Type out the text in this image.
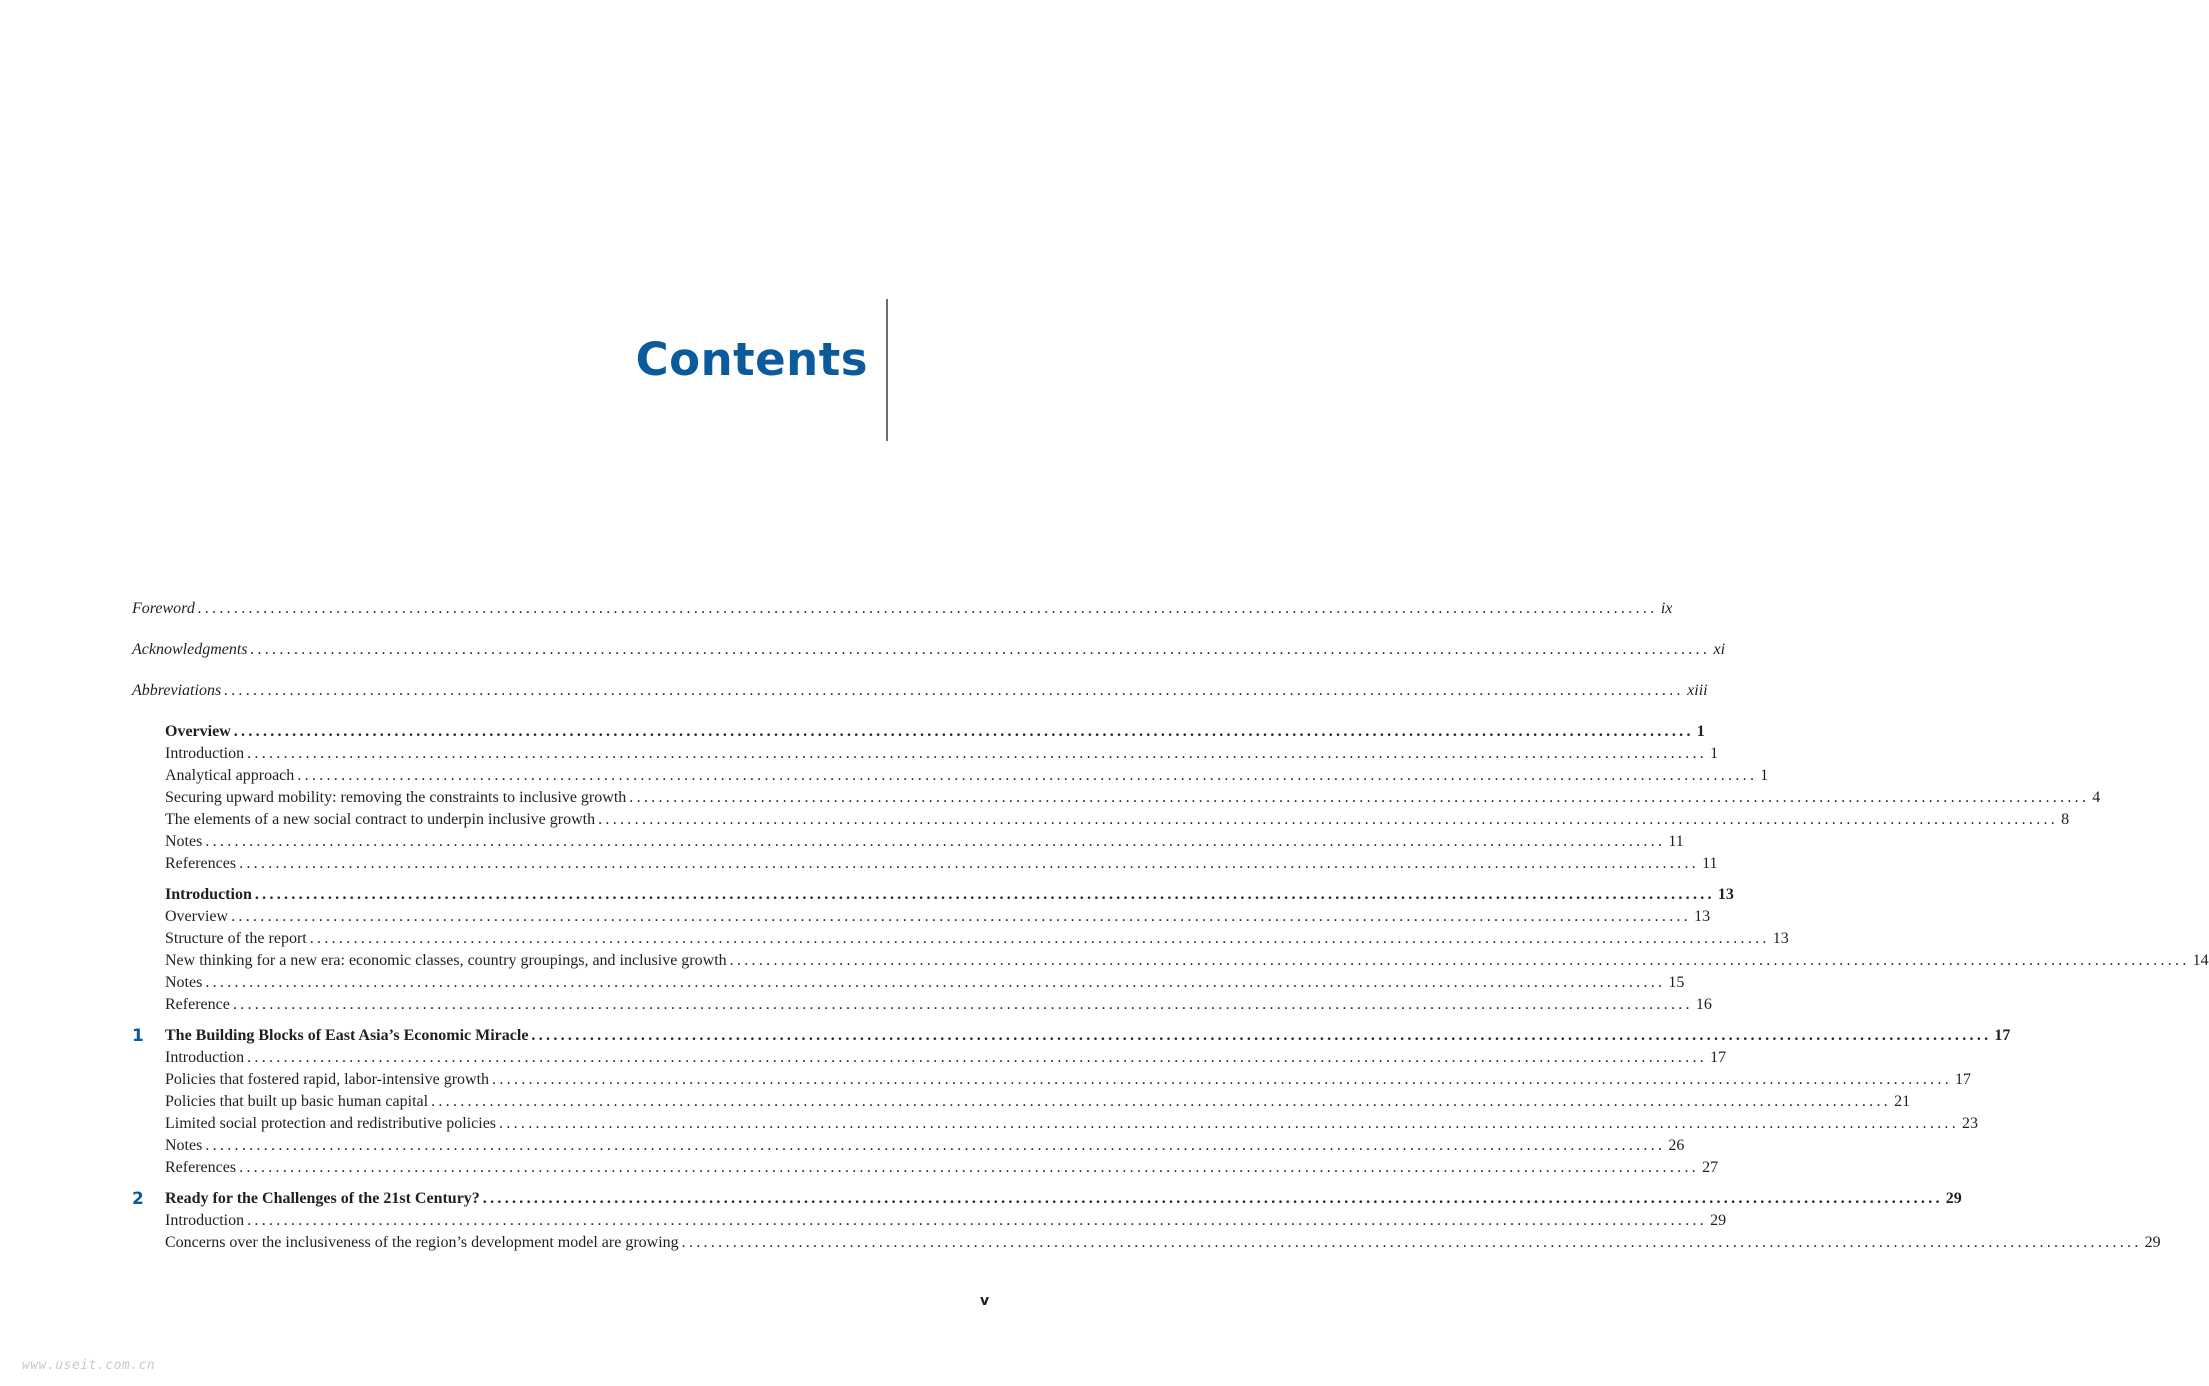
Contents
Foreword ........................................................................................................................................................................................................ ix
Acknowledgments ........................................................................................................................................................................................................ xi
Abbreviations ........................................................................................................................................................................................................ xiii
Overview ........................................................................................................................................................................................................ 1
Introduction ........................................................................................................................................................................................................ 1
Analytical approach ........................................................................................................................................................................................................ 1
Securing upward mobility: removing the constraints to inclusive growth ........................................................................................................................................................................................................ 4
The elements of a new social contract to underpin inclusive growth ........................................................................................................................................................................................................ 8
Notes ........................................................................................................................................................................................................ 11
References ........................................................................................................................................................................................................ 11
Introduction ........................................................................................................................................................................................................ 13
Overview ........................................................................................................................................................................................................ 13
Structure of the report ........................................................................................................................................................................................................ 13
New thinking for a new era: economic classes, country groupings, and inclusive growth ........................................................................................................................................................................................................ 14
Notes ........................................................................................................................................................................................................ 15
Reference ........................................................................................................................................................................................................ 16
1 The Building Blocks of East Asia’s Economic Miracle ........................................................................................................................................................................................................ 17
Introduction ........................................................................................................................................................................................................ 17
Policies that fostered rapid, labor-intensive growth ........................................................................................................................................................................................................ 17
Policies that built up basic human capital ........................................................................................................................................................................................................ 21
Limited social protection and redistributive policies ........................................................................................................................................................................................................ 23
Notes ........................................................................................................................................................................................................ 26
References ........................................................................................................................................................................................................ 27
2 Ready for the Challenges of the 21st Century? ........................................................................................................................................................................................................ 29
Introduction ........................................................................................................................................................................................................ 29
Concerns over the inclusiveness of the region’s development model are growing ........................................................................................................................................................................................................ 29
v
www.useit.com.cn
